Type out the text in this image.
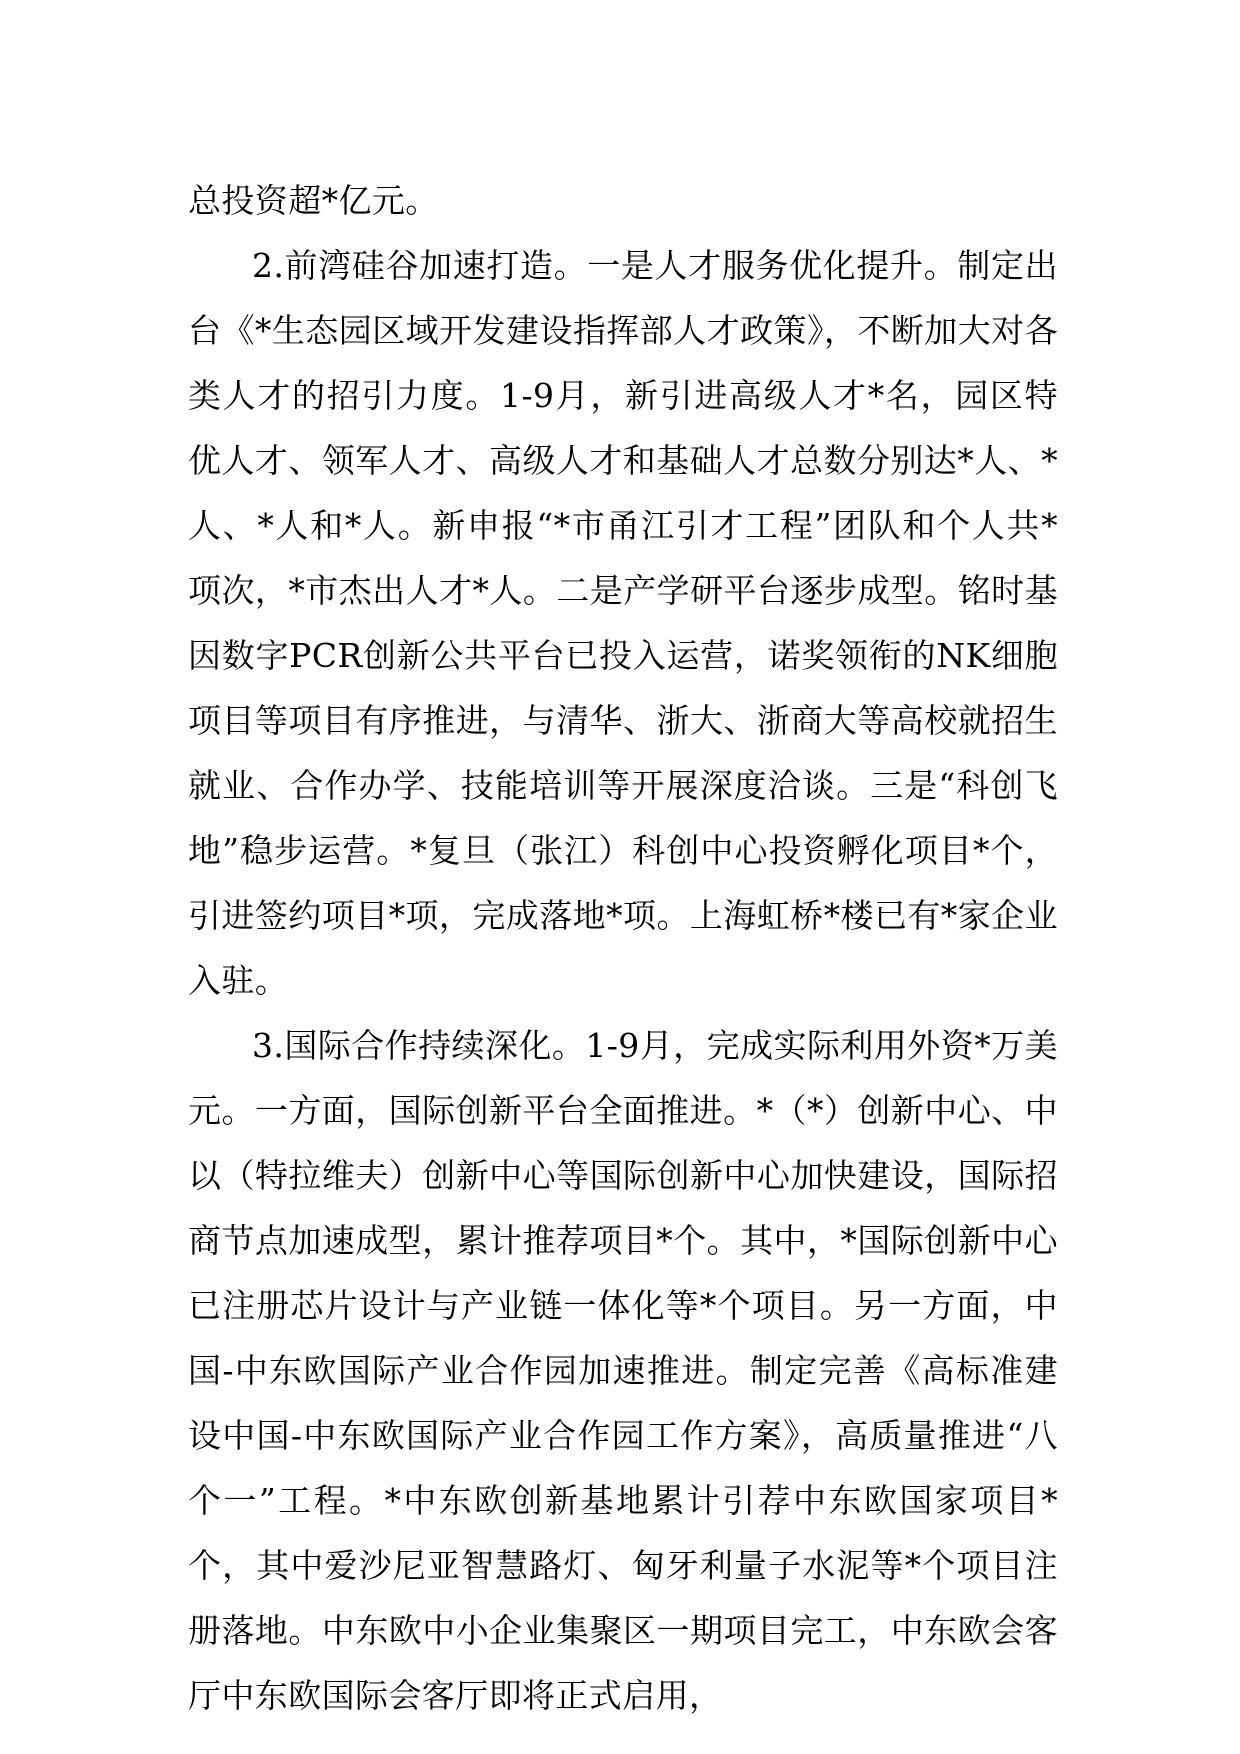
总投资超*亿元。

2.前湾硅谷加速打造。一是人才服务优化提升。制定出台《*生态园区域开发建设指挥部人才政策》，不断加大对各类人才的招引力度。1-9月，新引进高级人才*名，园区特优人才、领军人才、高级人才和基础人才总数分别达*人、*人、*人和*人。新申报“*市甬江引才工程”团队和个人共*项次，*市杰出人才*人。二是产学研平台逐步成型。铭时基因数字PCR创新公共平台已投入运营，诺奖领衔的NK细胞项目等项目有序推进，与清华、浙大、浙商大等高校就招生就业、合作办学、技能培训等开展深度洽谈。三是“科创飞地”稳步运营。*复旦（张江）科创中心投资孵化项目*个，引进签约项目*项，完成落地*项。上海虹桥*楼已有*家企业入驻。

3.国际合作持续深化。1-9月，完成实际利用外资*万美元。一方面，国际创新平台全面推进。*（*）创新中心、中以（特拉维夫）创新中心等国际创新中心加快建设，国际招商节点加速成型，累计推荐项目*个。其中，*国际创新中心已注册芯片设计与产业链一体化等*个项目。另一方面，中国-中东欧国际产业合作园加速推进。制定完善《高标准建设中国-中东欧国际产业合作园工作方案》，高质量推进“八个一”工程。*中东欧创新基地累计引荐中东欧国家项目*个，其中爱沙尼亚智慧路灯、匈牙利量子水泥等*个项目注册落地。中东欧中小企业集聚区一期项目完工，中东欧会客厅中东欧国际会客厅即将正式启用，
